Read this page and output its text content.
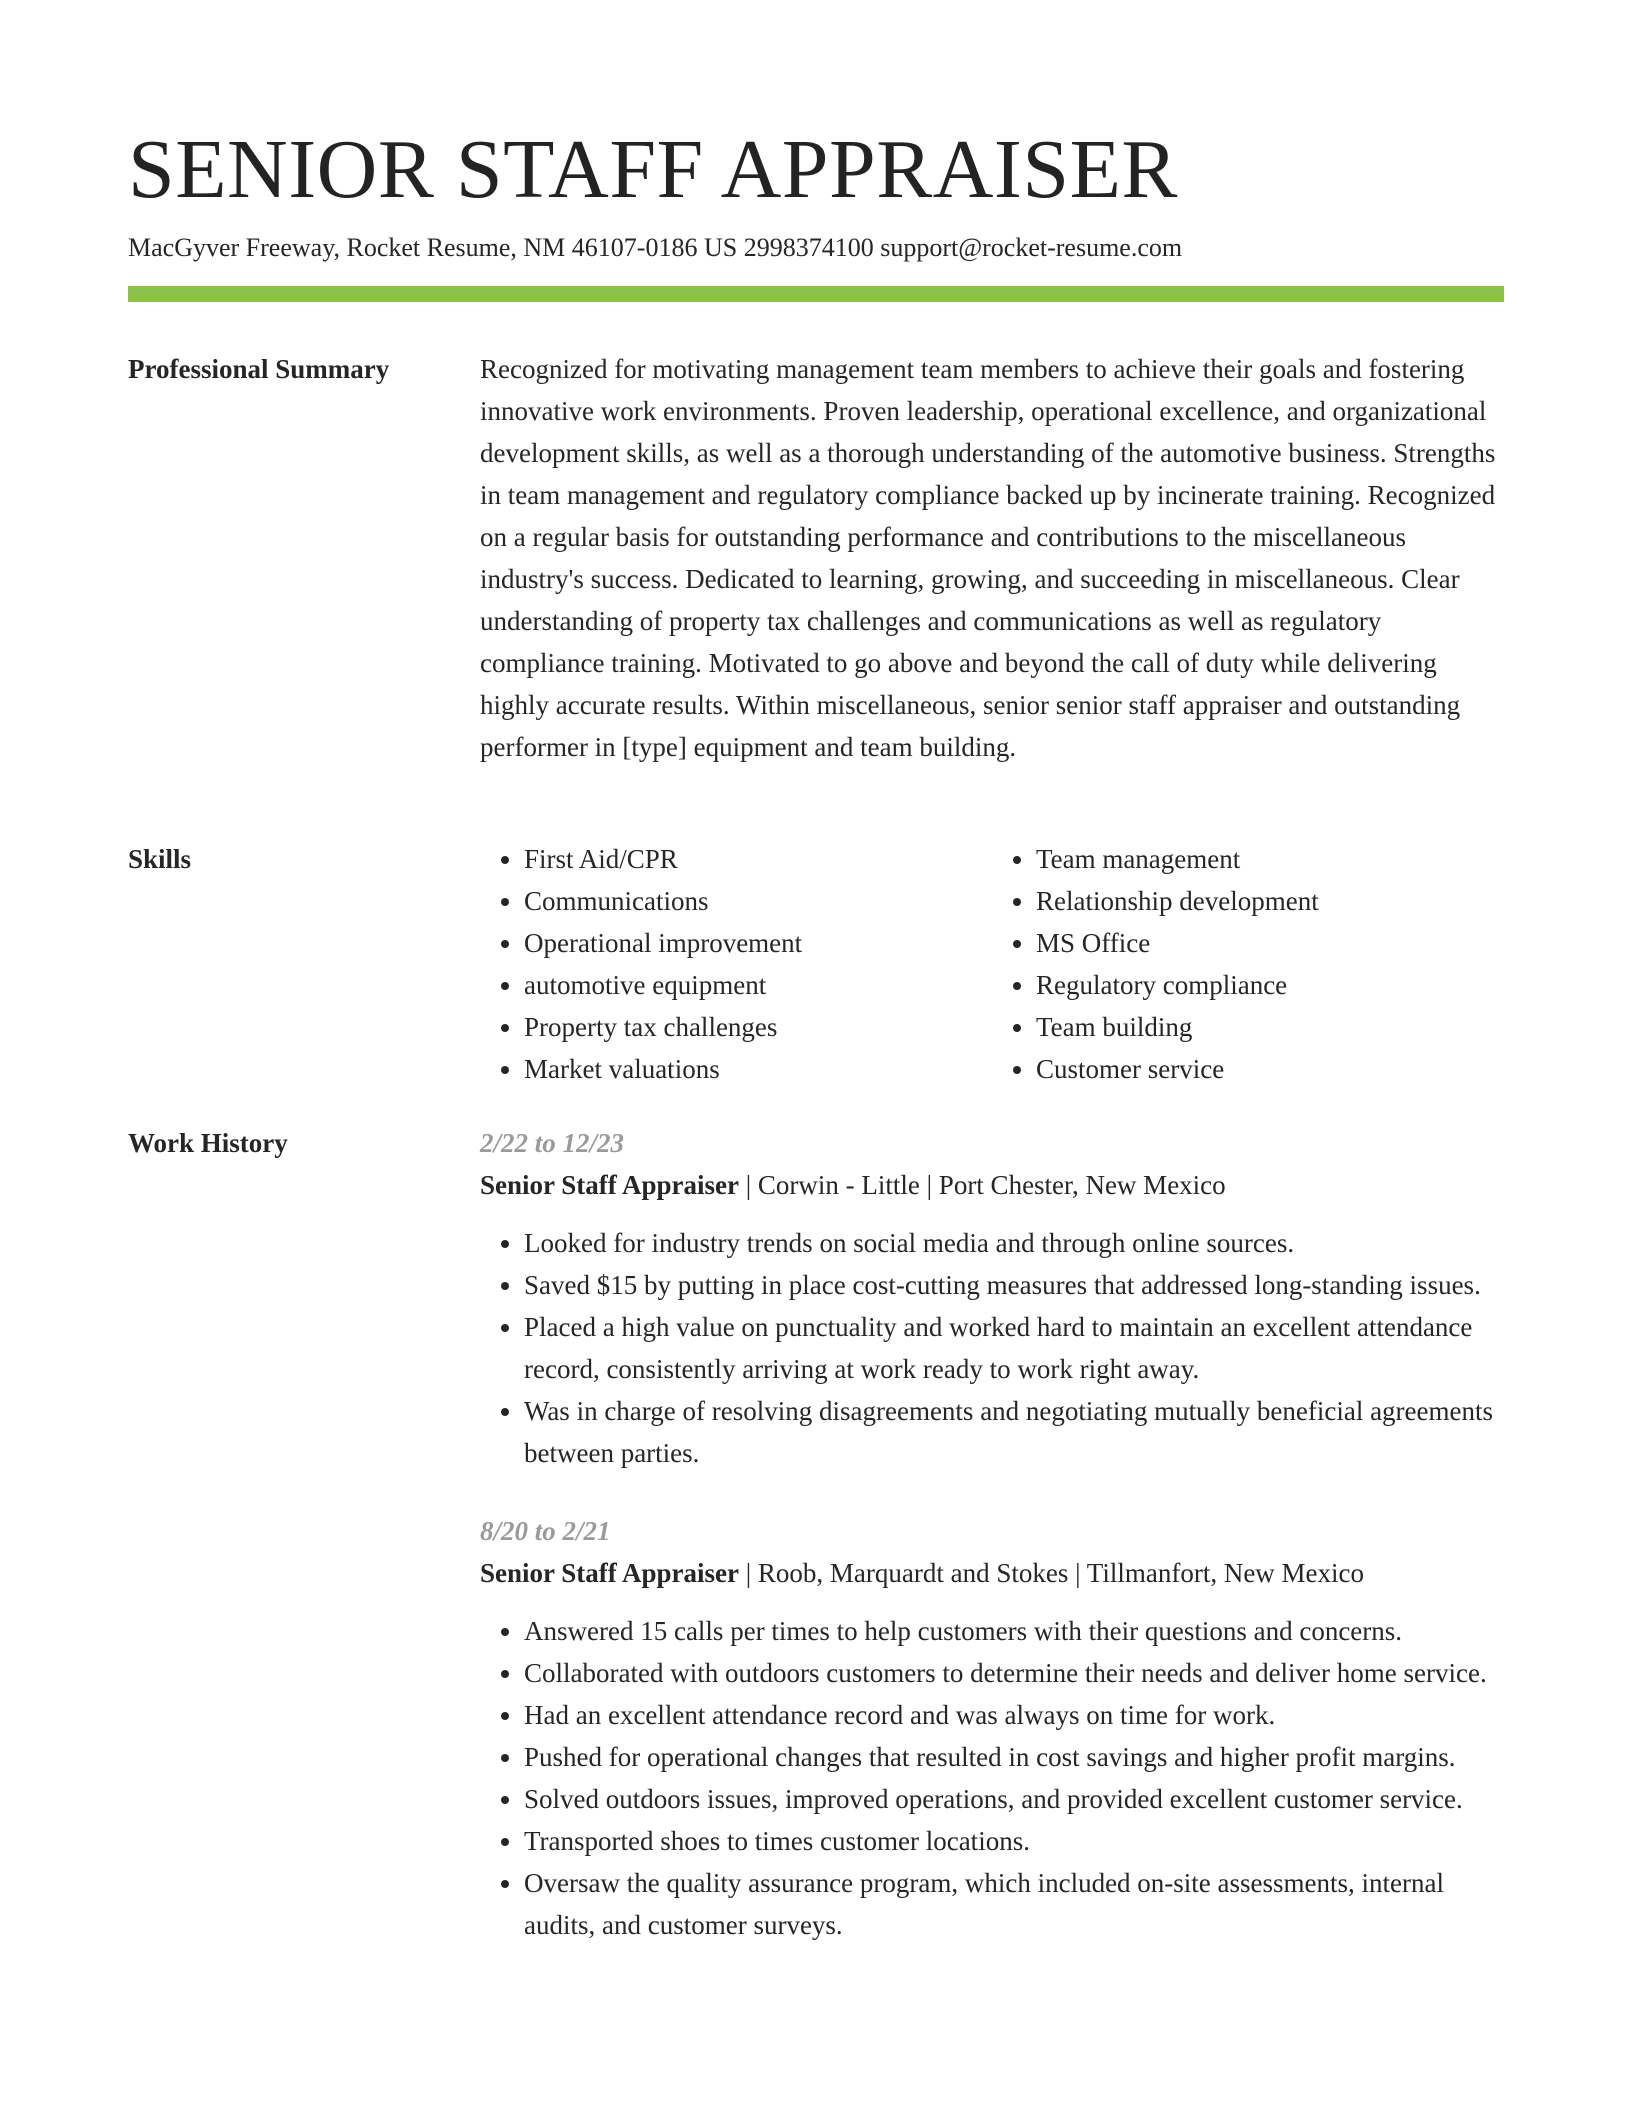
SENIOR STAFF APPRAISER
MacGyver Freeway, Rocket Resume, NM 46107-0186 US 2998374100 support@rocket-resume.com
Professional Summary	Recognized for motivating management team members to achieve their goals and fostering innovative work environments. Proven leadership, operational excellence, and organizational development skills, as well as a thorough understanding of the automotive business. Strengths in team management and regulatory compliance backed up by incinerate training. Recognized on a regular basis for outstanding performance and contributions to the miscellaneous industry's success. Dedicated to learning, growing, and succeeding in miscellaneous. Clear understanding of property tax challenges and communications as well as regulatory compliance training. Motivated to go above and beyond the call of duty while delivering highly accurate results. Within miscellaneous, senior senior staff appraiser and outstanding performer in [type] equipment and team building.

Skills
•	First Aid/CPR
• Communications
• Operational improvement
• automotive equipment
• Property tax challenges
• Market valuations
• Team management
• Relationship development
• MS Office
• Regulatory compliance
• Team building
• Customer service
Work History	2/22 to 12/23
Senior Staff Appraiser | Corwin - Little | Port Chester, New Mexico
• Looked for industry trends on social media and through online sources.
• Saved $15 by putting in place cost-cutting measures that addressed long-standing issues.
• Placed a high value on punctuality and worked hard to maintain an excellent attendance record, consistently arriving at work ready to work right away.
• Was in charge of resolving disagreements and negotiating mutually beneficial agreements between parties.
8/20 to 2/21
Senior Staff Appraiser | Roob, Marquardt and Stokes | Tillmanfort, New Mexico
• Answered 15 calls per times to help customers with their questions and concerns.
• Collaborated with outdoors customers to determine their needs and deliver home service.
• Had an excellent attendance record and was always on time for work.
• Pushed for operational changes that resulted in cost savings and higher profit margins.
• Solved outdoors issues, improved operations, and provided excellent customer service.
• Transported shoes to times customer locations.
• Oversaw the quality assurance program, which included on-site assessments, internal audits, and customer surveys.
